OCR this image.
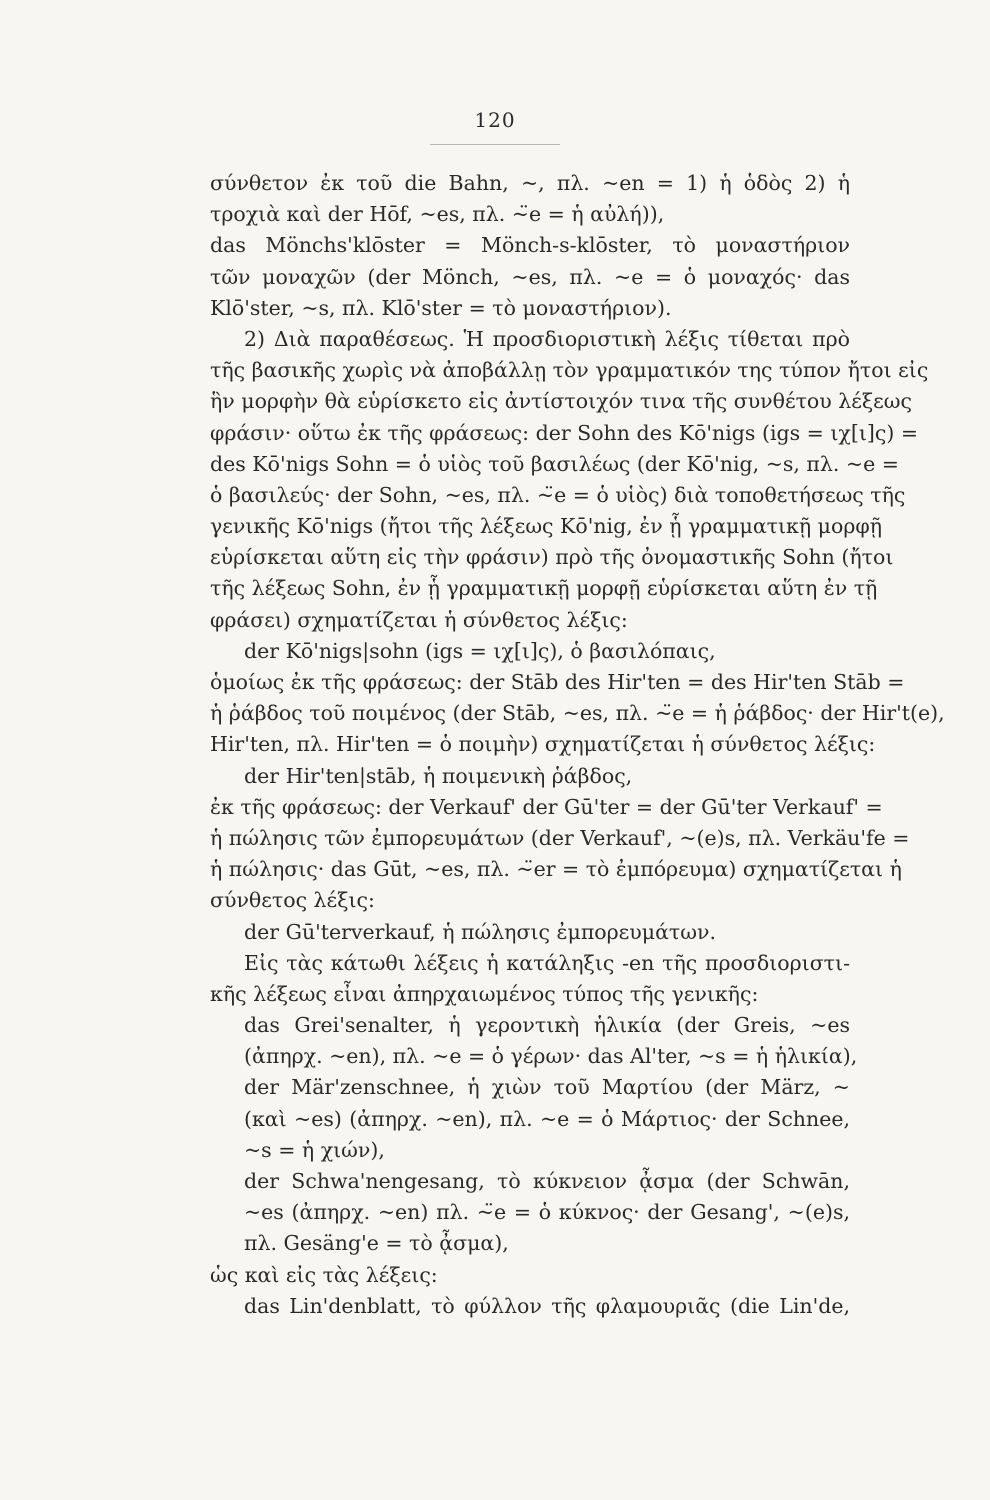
120
σύνθετον ἐκ τοῦ die Bahn, ~, πλ. ~en = 1) ἡ ὁδὸς 2) ἡ
τροχιὰ καὶ der Hōf, ~es, πλ. ~̈e = ἡ αὐλή)),
das Mönchs'klōster = Mönch-s-klōster, τὸ μοναστήριον
τῶν μοναχῶν (der Mönch, ~es, πλ. ~e = ὁ μοναχός· das
Klō'ster, ~s, πλ. Klō'ster = τὸ μοναστήριον).
2) Διὰ παραθέσεως. Ἡ προσδιοριστικὴ λέξις τίθεται πρὸ
τῆς βασικῆς χωρὶς νὰ ἀποβάλλῃ τὸν γραμματικόν της τύπον ἤτοι εἰς
ἣν μορφὴν θὰ εὑρίσκετο εἰς ἀντίστοιχόν τινα τῆς συνθέτου λέξεως
φράσιν· οὕτω ἐκ τῆς φράσεως: der Sohn des Kō'nigs (igs = ιχ[ι]ς) =
des Kō'nigs Sohn = ὁ υἱὸς τοῦ βασιλέως (der Kō'nig, ~s, πλ. ~e =
ὁ βασιλεύς· der Sohn, ~es, πλ. ~̈e = ὁ υἱὸς) διὰ τοποθετήσεως τῆς
γενικῆς Kō'nigs (ἤτοι τῆς λέξεως Kō'nig, ἐν ᾗ γραμματικῇ μορφῇ
εὑρίσκεται αὕτη εἰς τὴν φράσιν) πρὸ τῆς ὀνομαστικῆς Sohn (ἤτοι
τῆς λέξεως Sohn, ἐν ᾗ γραμματικῇ μορφῇ εὑρίσκεται αὕτη ἐν τῇ
φράσει) σχηματίζεται ἡ σύνθετος λέξις:
der Kō'nigs|sohn (igs = ιχ[ι]ς), ὁ βασιλόπαις,
ὁμοίως ἐκ τῆς φράσεως: der Stāb des Hir'ten = des Hir'ten Stāb =
ἡ ῥάβδος τοῦ ποιμένος (der Stāb, ~es, πλ. ~̈e = ἡ ῥάβδος· der Hir't(e),
Hir'ten, πλ. Hir'ten = ὁ ποιμὴν) σχηματίζεται ἡ σύνθετος λέξις:
der Hir'ten|stāb, ἡ ποιμενικὴ ῥάβδος,
ἐκ τῆς φράσεως: der Verkauf' der Gū'ter = der Gū'ter Verkauf' =
ἡ πώλησις τῶν ἐμπορευμάτων (der Verkauf', ~(e)s, πλ. Verkäu'fe =
ἡ πώλησις· das Gūt, ~es, πλ. ~̈er = τὸ ἐμπόρευμα) σχηματίζεται ἡ
σύνθετος λέξις:
der Gū'terverkauf, ἡ πώλησις ἐμπορευμάτων.
Εἰς τὰς κάτωθι λέξεις ἡ κατάληξις -en τῆς προσδιοριστι-
κῆς λέξεως εἶναι ἀπηρχαιωμένος τύπος τῆς γενικῆς:
das Grei'senalter, ἡ γεροντικὴ ἡλικία (der Greis, ~es
(ἀπηρχ. ~en), πλ. ~e = ὁ γέρων· das Al'ter, ~s = ἡ ἡλικία),
der Mär'zenschnee, ἡ χιὼν τοῦ Μαρτίου (der März, ~
(καὶ ~es) (ἀπηρχ. ~en), πλ. ~e = ὁ Μάρτιος· der Schnee,
~s = ἡ χιών),
der Schwa'nengesang, τὸ κύκνειον ᾆσμα (der Schwān,
~es (ἀπηρχ. ~en) πλ. ~̈e = ὁ κύκνος· der Gesang', ~(e)s,
πλ. Gesäng'e = τὸ ᾆσμα),
ὡς καὶ εἰς τὰς λέξεις:
das Lin'denblatt, τὸ φύλλον τῆς φλαμουριᾶς (die Lin'de,
